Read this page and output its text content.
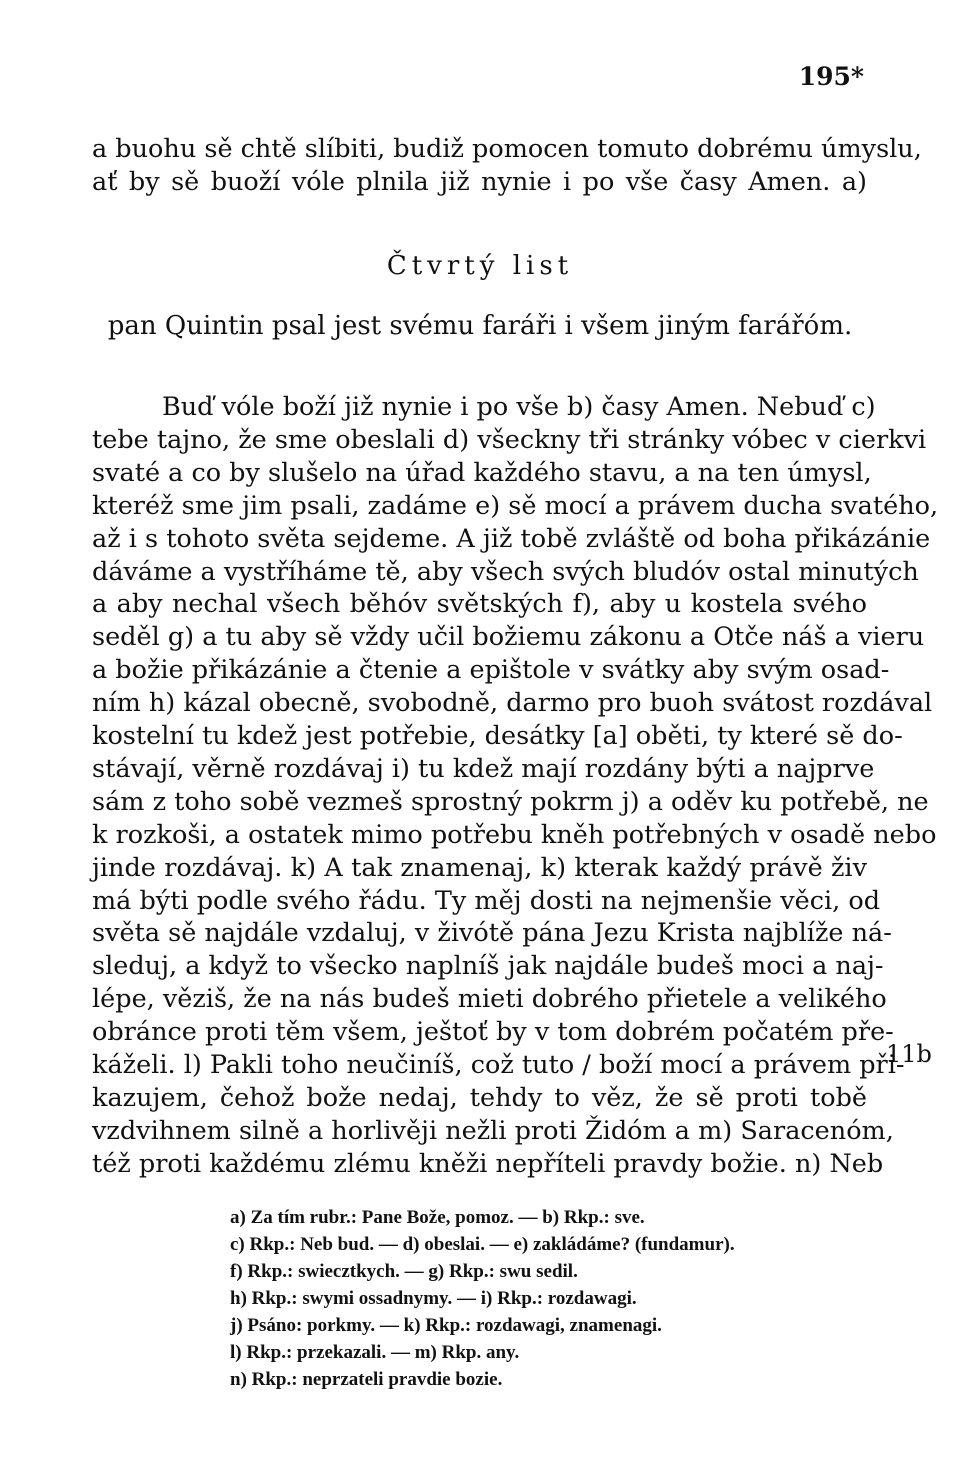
195*
a buohu sě chtě slíbiti, budiž pomocen tomuto dobrému úmyslu,
ať by sě buoží vóle plnila již nynie i po vše časy Amen. a)
Čtvrtý list
pan Quintin psal jest svému faráři i všem jiným farářóm.
Buď vóle boží již nynie i po vše b) časy Amen. Nebuď c)
tebe tajno, že sme obeslali d) všeckny tři stránky vóbec v cierkvi
svaté a co by slušelo na úřad každého stavu, a na ten úmysl,
kteréž sme jim psali, zadáme e) sě mocí a právem ducha svatého,
až i s tohoto světa sejdeme. A již tobě zvláště od boha přikázánie
dáváme a vystříháme tě, aby všech svých bludóv ostal minutých
a aby nechal všech běhóv světských f), aby u kostela svého
seděl g) a tu aby sě vždy učil božiemu zákonu a Otče náš a vieru
a božie přikázánie a čtenie a epištole v svátky aby svým osad-
ním h) kázal obecně, svobodně, darmo pro buoh svátost rozdával
kostelní tu kdež jest potřebie, desátky [a] oběti, ty které sě do-
stávají, věrně rozdávaj i) tu kdež mají rozdány býti a najprve
sám z toho sobě vezmeš sprostný pokrm j) a oděv ku potřebě, ne
k rozkoši, a ostatek mimo potřebu kněh potřebných v osadě nebo
jinde rozdávaj. k) A tak znamenaj, k) kterak každý právě živ
má býti podle svého řádu. Ty měj dosti na nejmenšie věci, od
světa sě najdále vzdaluj, v živótě pána Jezu Krista najblíže ná-
sleduj, a když to všecko naplníš jak najdále budeš moci a naj-
lépe, věziš, že na nás budeš mieti dobrého přietele a velikého
obránce proti těm všem, ještoť by v tom dobrém počatém pře-
káželi. l) Pakli toho neučiníš, což tuto / boží mocí a právem při-
kazujem, čehož bože nedaj, tehdy to věz, že sě proti tobě
vzdvihnem silně a horlivěji nežli proti Židóm a m) Saracenóm,
též proti každému zlému kněži nepříteli pravdy božie. n) Neb
11b
a) Za tím rubr.: Pane Bože, pomoz. — b) Rkp.: sve.
c) Rkp.: Neb bud. — d) obeslai. — e) zakládáme? (fundamur).
f) Rkp.: swiecztkych. — g) Rkp.: swu sedil.
h) Rkp.: swymi ossadnymy. — i) Rkp.: rozdawagi.
j) Psáno: porkmy. — k) Rkp.: rozdawagi, znamenagi.
l) Rkp.: przekazali. — m) Rkp. any.
n) Rkp.: neprzateli pravdie bozie.
